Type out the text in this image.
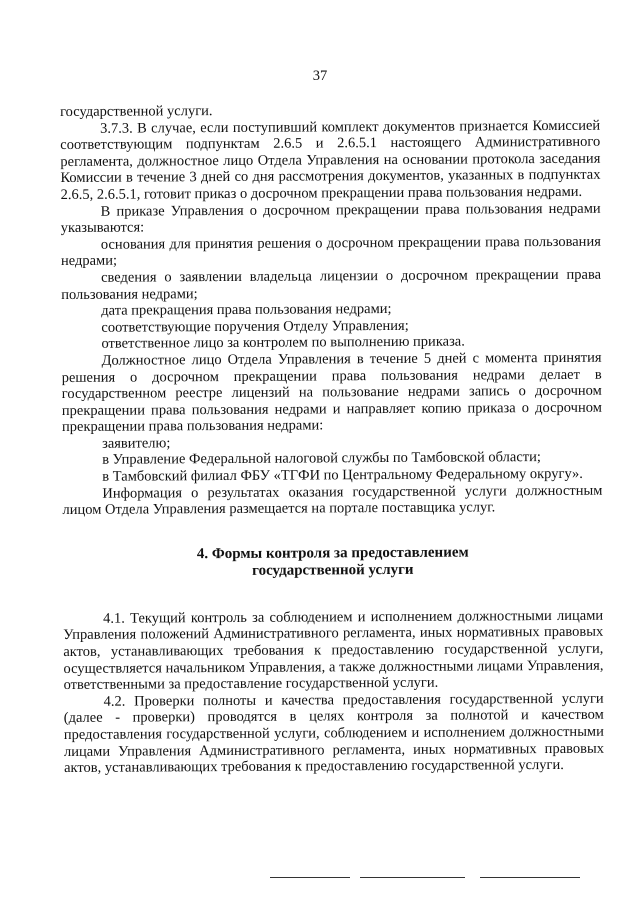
37

государственной услуги.

3.7.3. В случае, если поступивший комплект документов признается Комиссией соответствующим подпунктам 2.6.5 и 2.6.5.1 настоящего Административного регламента, должностное лицо Отдела Управления на основании протокола заседания Комиссии в течение 3 дней со дня рассмотрения документов, указанных в подпунктах 2.6.5, 2.6.5.1, готовит приказ о досрочном прекращении права пользования недрами.

В приказе Управления о досрочном прекращении права пользования недрами указываются:

основания для принятия решения о досрочном прекращении права пользования недрами;

сведения о заявлении владельца лицензии о досрочном прекращении права пользования недрами;

дата прекращения права пользования недрами;

соответствующие поручения Отделу Управления;

ответственное лицо за контролем по выполнению приказа.

Должностное лицо Отдела Управления в течение 5 дней с момента принятия решения о досрочном прекращении права пользования недрами делает в государственном реестре лицензий на пользование недрами запись о досрочном прекращении права пользования недрами и направляет копию приказа о досрочном прекращении права пользования недрами:

заявителю;

в Управление Федеральной налоговой службы по Тамбовской области;

в Тамбовский филиал ФБУ «ТГФИ по Центральному Федеральному округу».

Информация о результатах оказания государственной услуги должностным лицом Отдела Управления размещается на портале поставщика услуг.

4. Формы контроля за предоставлением
государственной услуги

4.1. Текущий контроль за соблюдением и исполнением должностными лицами Управления положений Административного регламента, иных нормативных правовых актов, устанавливающих требования к предоставлению государственной услуги, осуществляется начальником Управления, а также должностными лицами Управления, ответственными за предоставление государственной услуги.

4.2. Проверки полноты и качества предоставления государственной услуги (далее - проверки) проводятся в целях контроля за полнотой и качеством предоставления государственной услуги, соблюдением и исполнением должностными лицами Управления Административного регламента, иных нормативных правовых актов, устанавливающих требования к предоставлению государственной услуги.
